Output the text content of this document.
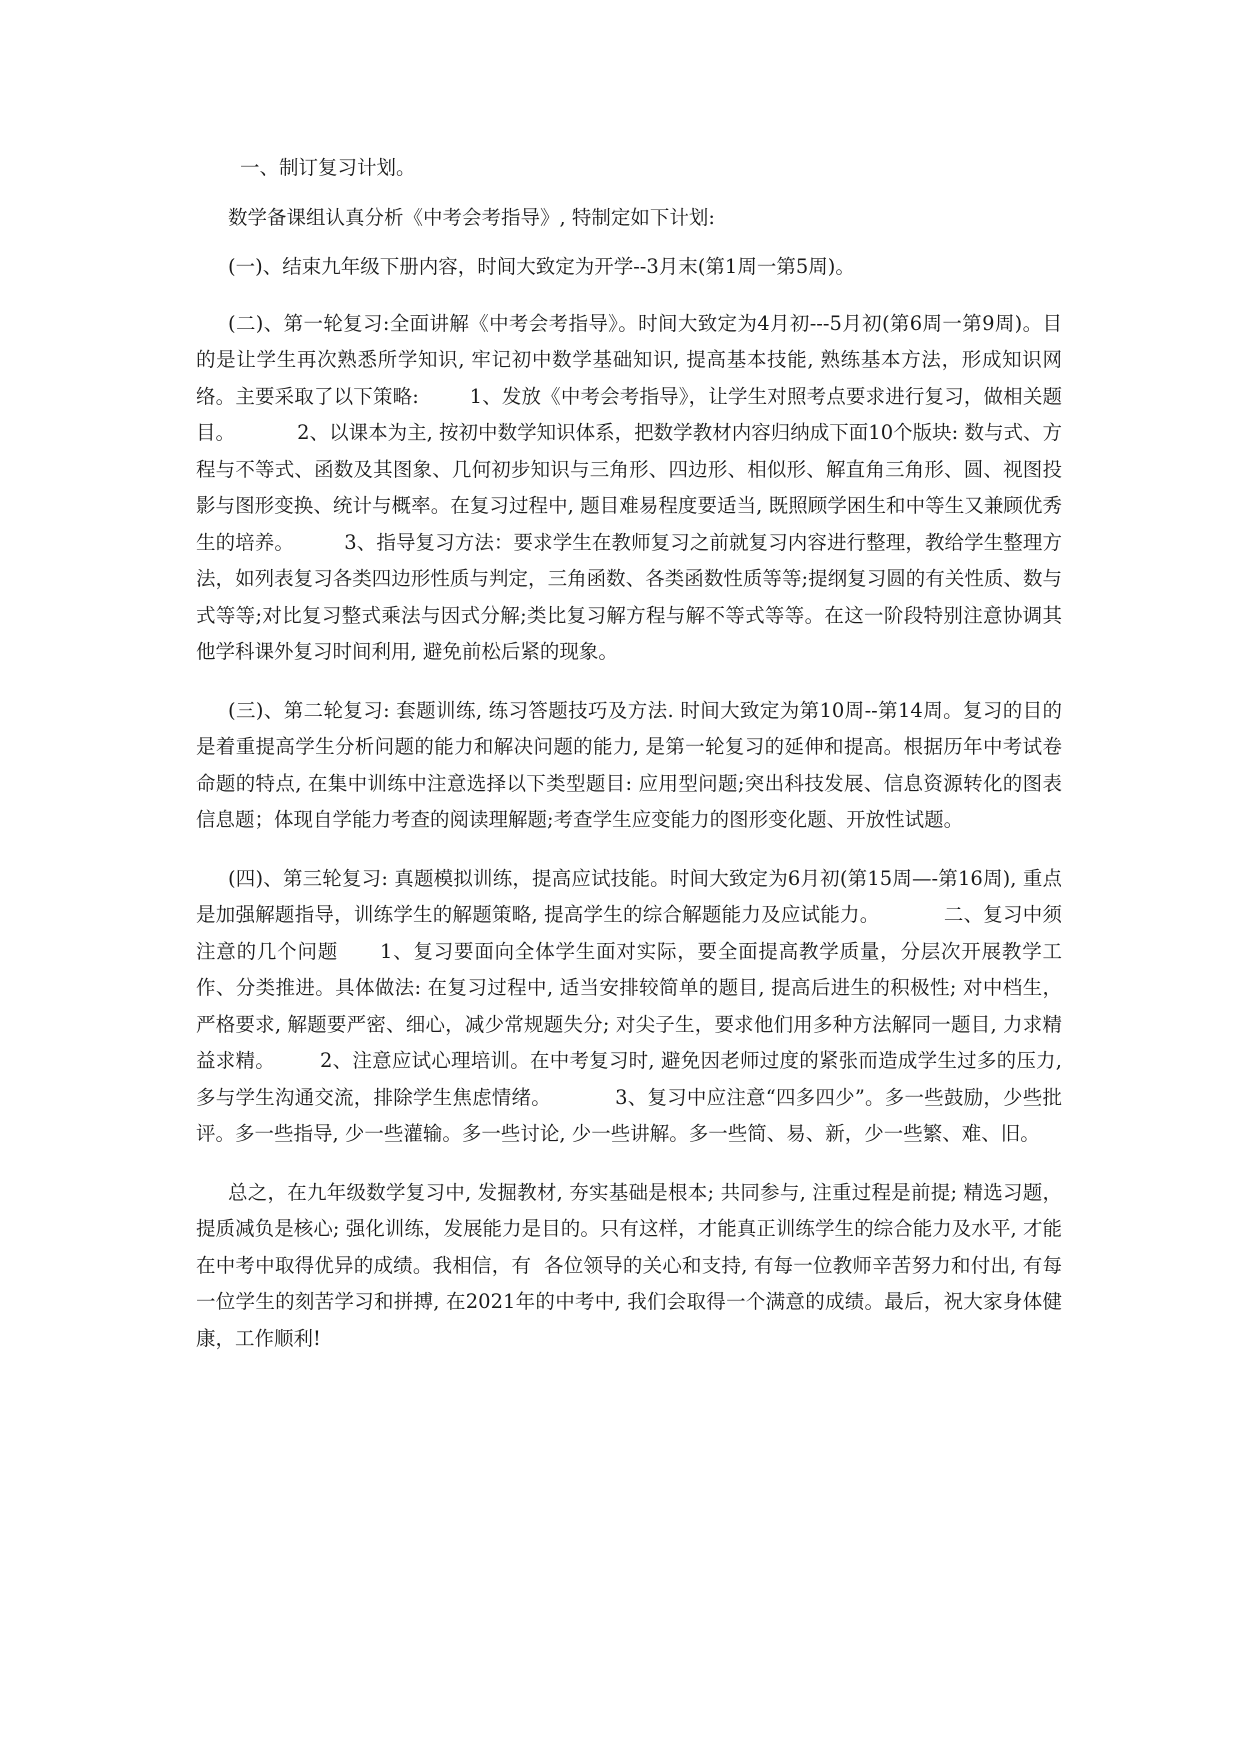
一、制订复习计划。

数学备课组认真分析《中考会考指导》, 特制定如下计划:

(一)、结束九年级下册内容，时间大致定为开学--3月末(第1周一第5周)。

(二)、第一轮复习:全面讲解《中考会考指导》。时间大致定为4月初---5月初(第6周一第9周)。目的是让学生再次熟悉所学知识, 牢记初中数学基础知识, 提高基本技能, 熟练基本方法，形成知识网络。主要采取了以下策略:        1、发放《中考会考指导》，让学生对照考点要求进行复习，做相关题目。          2、以课本为主, 按初中数学知识体系，把数学教材内容归纳成下面10个版块: 数与式、方程与不等式、函数及其图象、几何初步知识与三角形、四边形、相似形、解直角三角形、圆、视图投影与图形变换、统计与概率。在复习过程中, 题目难易程度要适当, 既照顾学困生和中等生又兼顾优秀生的培养。        3、指导复习方法：要求学生在教师复习之前就复习内容进行整理，教给学生整理方法，如列表复习各类四边形性质与判定，三角函数、各类函数性质等等;提纲复习圆的有关性质、数与式等等;对比复习整式乘法与因式分解;类比复习解方程与解不等式等等。在这一阶段特别注意协调其他学科课外复习时间利用, 避免前松后紧的现象。

(三)、第二轮复习: 套题训练, 练习答题技巧及方法. 时间大致定为第10周--第14周。复习的目的是着重提高学生分析问题的能力和解决问题的能力, 是第一轮复习的延伸和提高。根据历年中考试卷命题的特点, 在集中训练中注意选择以下类型题目: 应用型问题;突出科技发展、信息资源转化的图表信息题；体现自学能力考查的阅读理解题;考查学生应变能力的图形变化题、开放性试题。

(四)、第三轮复习: 真题模拟训练，提高应试技能。时间大致定为6月初(第15周—-第16周), 重点是加强解题指导，训练学生的解题策略, 提高学生的综合解题能力及应试能力。          二、复习中须注意的几个问题      1、复习要面向全体学生面对实际，要全面提高教学质量，分层次开展教学工作、分类推进。具体做法: 在复习过程中, 适当安排较简单的题目, 提高后进生的积极性; 对中档生，严格要求, 解题要严密、细心，减少常规题失分; 对尖子生，要求他们用多种方法解同一题目, 力求精益求精。       2、注意应试心理培训。在中考复习时, 避免因老师过度的紧张而造成学生过多的压力, 多与学生沟通交流，排除学生焦虑情绪。          3、复习中应注意“四多四少”。多一些鼓励，少些批评。多一些指导, 少一些灌输。多一些讨论, 少一些讲解。多一些简、易、新，少一些繁、难、旧。

总之，在九年级数学复习中, 发掘教材, 夯实基础是根本; 共同参与, 注重过程是前提; 精选习题，提质减负是核心; 强化训练，发展能力是目的。只有这样，才能真正训练学生的综合能力及水平, 才能在中考中取得优异的成绩。我相信，有  各位领导的关心和支持, 有每一位教师辛苦努力和付出, 有每一位学生的刻苦学习和拼搏, 在2021年的中考中, 我们会取得一个满意的成绩。最后，祝大家身体健康，工作顺利!
